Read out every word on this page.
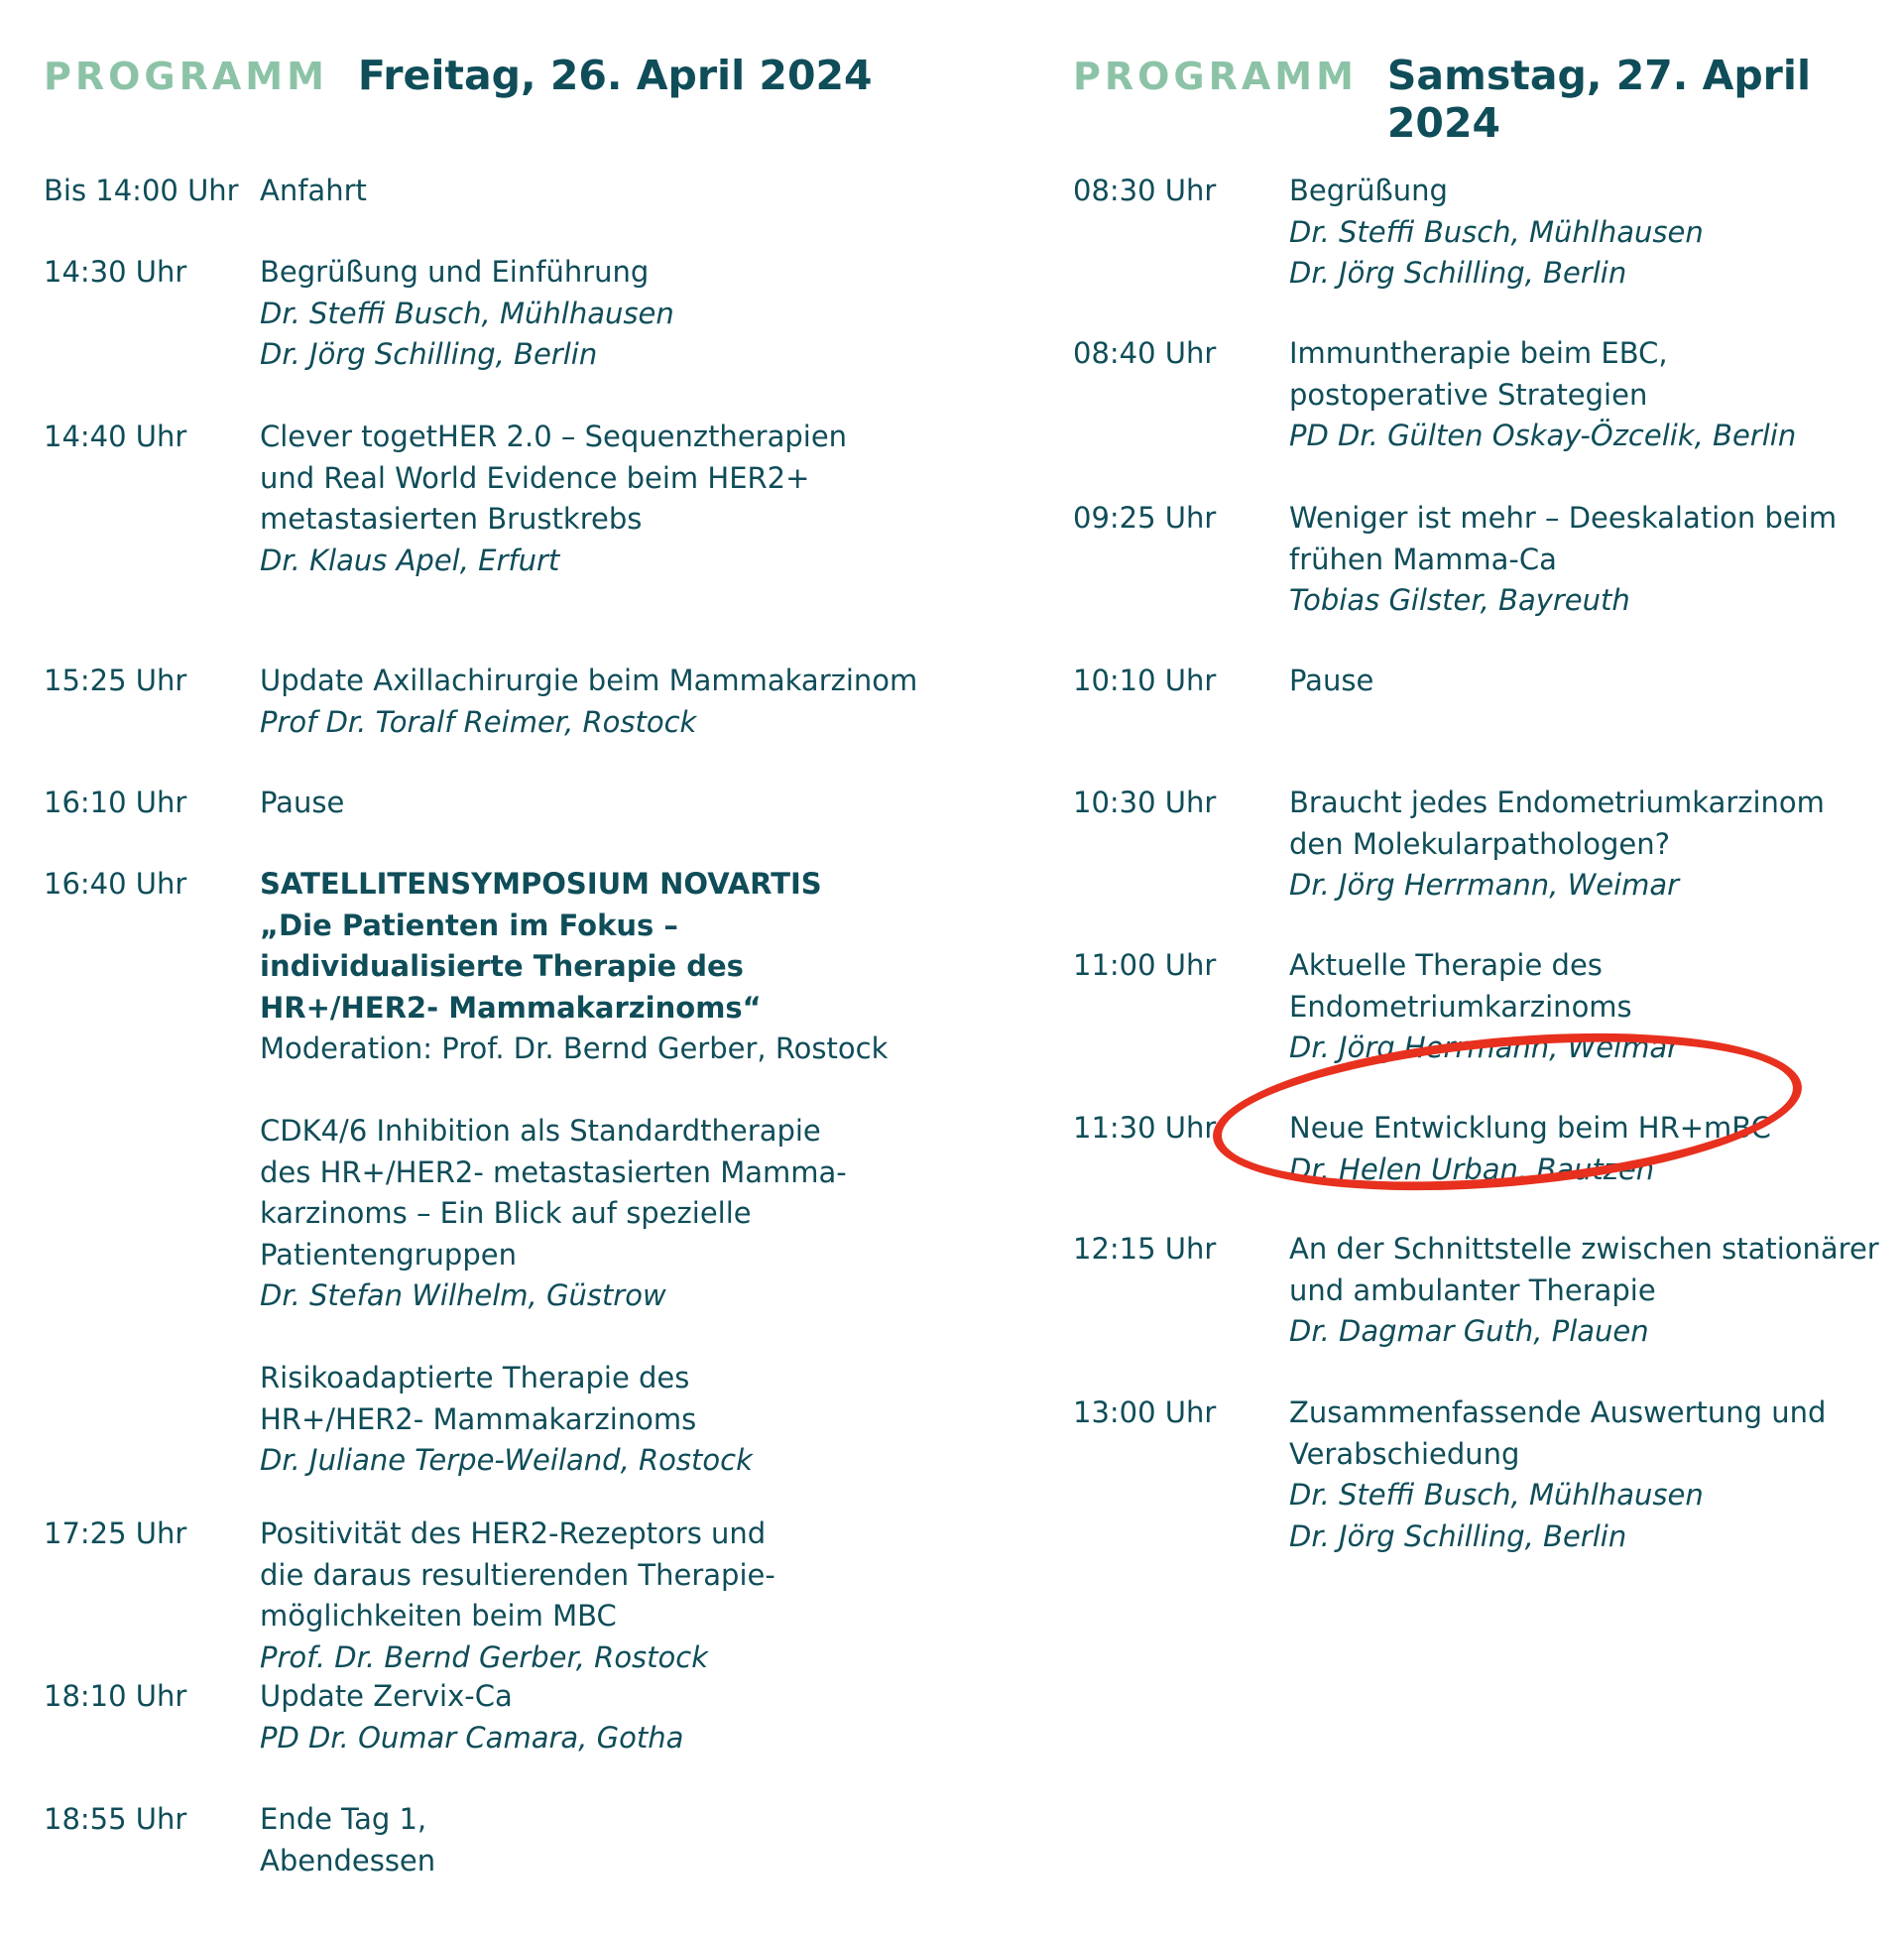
PROGRAMM Freitag, 26. April 2024
Bis 14:00 Uhr Anfahrt
14:30 Uhr	Begrüßung und Einführung
Dr. Steffi Busch, Mühlhausen
Dr. Jörg Schilling, Berlin
14:40 Uhr	Clever togetHER 2.0 – Sequenztherapien
und Real World Evidence beim HER2+
metastasierten Brustkrebs
Dr. Klaus Apel, Erfurt
15:25 Uhr	Update Axillachirurgie beim Mammakarzinom
Prof Dr. Toralf Reimer, Rostock
16:10 Uhr	Pause
16:40 Uhr	SATELLITENSYMPOSIUM NOVARTIS
„Die Patienten im Fokus –
individualisierte Therapie des
HR+/HER2- Mammakarzinoms“
Moderation: Prof. Dr. Bernd Gerber, Rostock
CDK4/6 Inhibition als Standardtherapie
des HR+/HER2- metastasierten Mamma-
karzinoms – Ein Blick auf spezielle
Patientengruppen
Dr. Stefan Wilhelm, Güstrow
Risikoadaptierte Therapie des
HR+/HER2- Mammakarzinoms
Dr. Juliane Terpe-Weiland, Rostock
17:25 Uhr	Positivität des HER2-Rezeptors und
die daraus resultierenden Therapie-
möglichkeiten beim MBC
Prof. Dr. Bernd Gerber, Rostock
18:10 Uhr	Update Zervix-Ca
PD Dr. Oumar Camara, Gotha
18:55 Uhr	Ende Tag 1,
Abendessen
PROGRAMM Samstag, 27. April 2024
08:30 Uhr	Begrüßung
Dr. Steffi Busch, Mühlhausen
Dr. Jörg Schilling, Berlin
08:40 Uhr	Immuntherapie beim EBC,
postoperative Strategien
PD Dr. Gülten Oskay-Özcelik, Berlin
09:25 Uhr	Weniger ist mehr – Deeskalation beim
frühen Mamma-Ca
Tobias Gilster, Bayreuth
10:10 Uhr	Pause
10:30 Uhr	Braucht jedes Endometriumkarzinom
den Molekularpathologen?
Dr. Jörg Herrmann, Weimar
11:00 Uhr	Aktuelle Therapie des
Endometriumkarzinoms
Dr. Jörg Herrmann, Weimar
11:30 Uhr	Neue Entwicklung beim HR+mBC
Dr. Helen Urban, Bautzen
12:15 Uhr	An der Schnittstelle zwischen stationärer
und ambulanter Therapie
Dr. Dagmar Guth, Plauen
13:00 Uhr	Zusammenfassende Auswertung und
Verabschiedung
Dr. Steffi Busch, Mühlhausen
Dr. Jörg Schilling, Berlin
